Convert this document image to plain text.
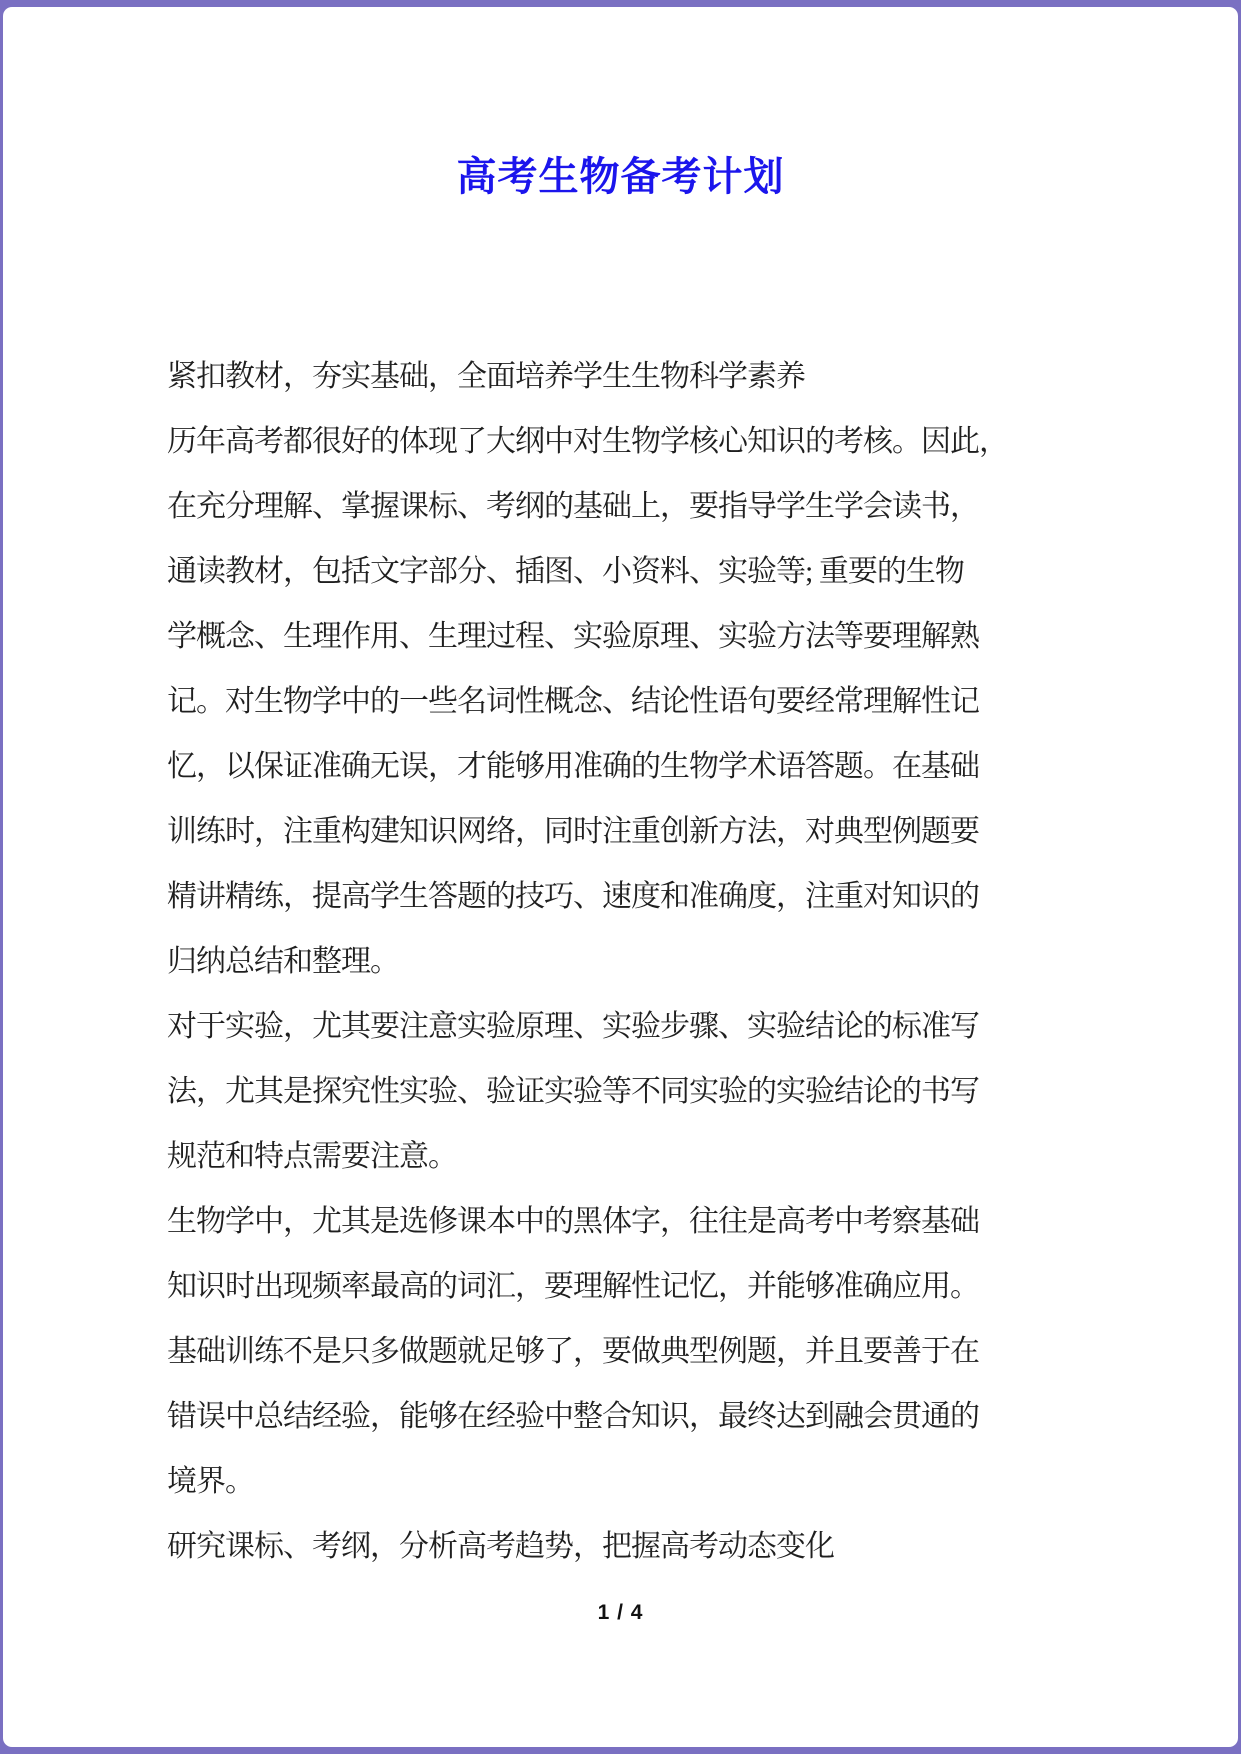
高考生物备考计划
紧扣教材，夯实基础，全面培养学生生物科学素养
历年高考都很好的体现了大纲中对生物学核心知识的考核。因此，
在充分理解、掌握课标、考纲的基础上，要指导学生学会读书，
通读教材，包括文字部分、插图、小资料、实验等; 重要的生物
学概念、生理作用、生理过程、实验原理、实验方法等要理解熟
记。对生物学中的一些名词性概念、结论性语句要经常理解性记
忆，以保证准确无误，才能够用准确的生物学术语答题。在基础
训练时，注重构建知识网络，同时注重创新方法，对典型例题要
精讲精练，提高学生答题的技巧、速度和准确度，注重对知识的
归纳总结和整理。
对于实验，尤其要注意实验原理、实验步骤、实验结论的标准写
法，尤其是探究性实验、验证实验等不同实验的实验结论的书写
规范和特点需要注意。
生物学中，尤其是选修课本中的黑体字，往往是高考中考察基础
知识时出现频率最高的词汇，要理解性记忆，并能够准确应用。
基础训练不是只多做题就足够了，要做典型例题，并且要善于在
错误中总结经验，能够在经验中整合知识，最终达到融会贯通的
境界。
研究课标、考纲，分析高考趋势，把握高考动态变化
1 / 4
